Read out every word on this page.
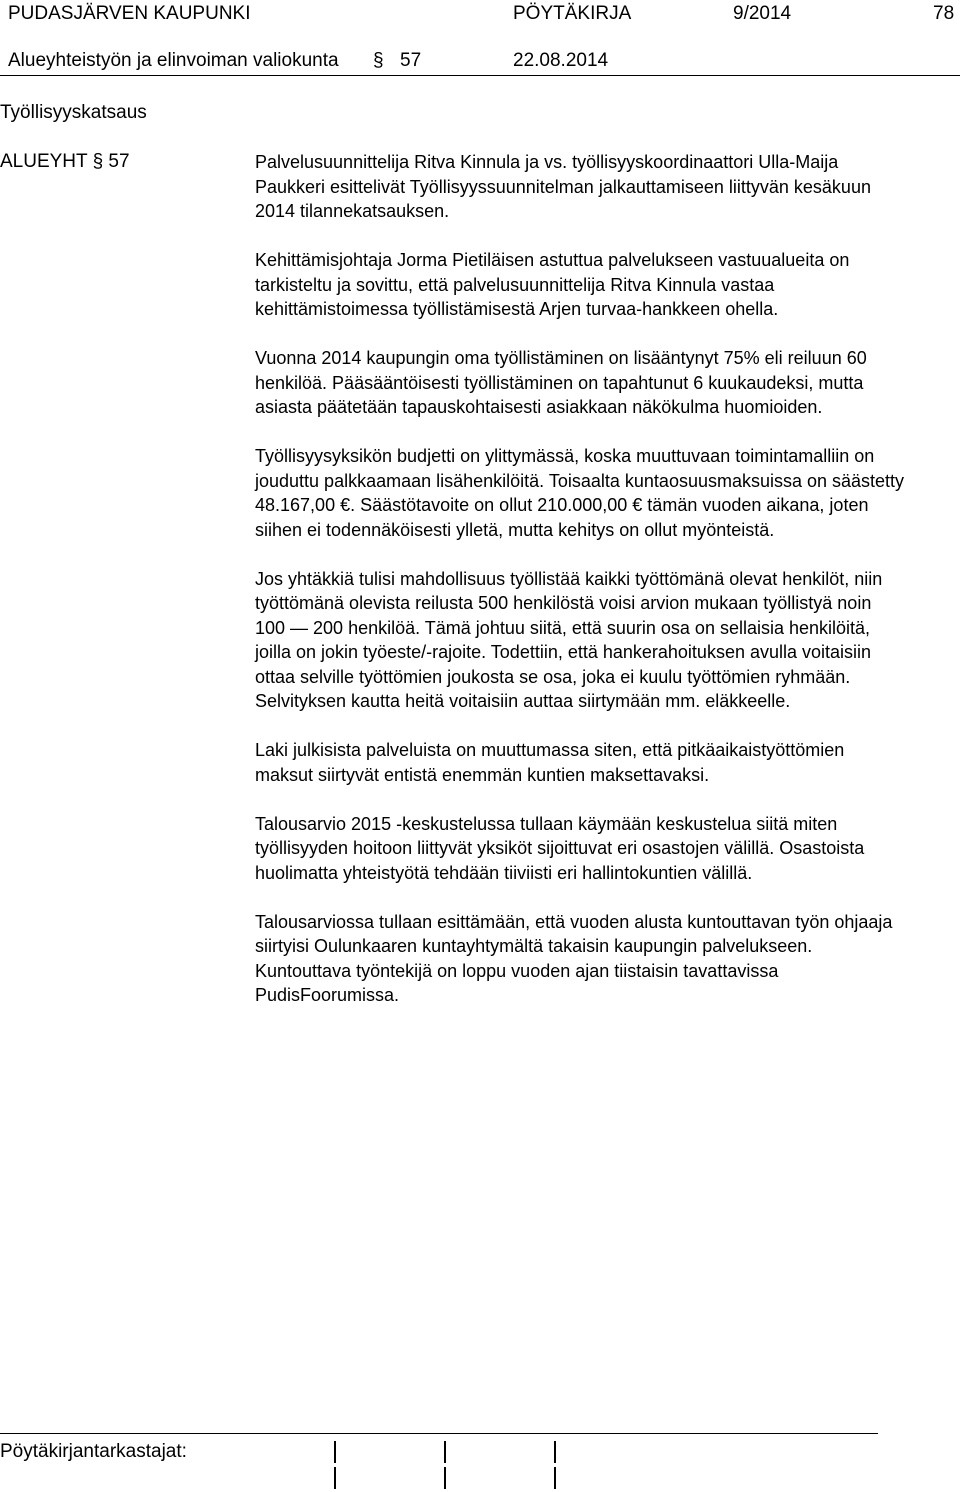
PUDASJÄRVEN KAUPUNKI	PÖYTÄKIRJA	9/2014	78
Alueyhteistyön ja elinvoiman valiokunta § 57	22.08.2014
Työllisyyskatsaus
ALUEYHT § 57	Palvelusuunnittelija Ritva Kinnula ja vs. työllisyyskoordinaattori Ulla-Maija Paukkeri esittelivät Työllisyyssuunnitelman jalkauttamiseen liittyvän kesäkuun 2014 tilannekatsauksen.

Kehittämisjohtaja Jorma Pietiläisen astuttua palvelukseen vastuualueita on tarkisteltu ja sovittu, että palvelusuunnittelija Ritva Kinnula vastaa kehittämistoimessa työllistämisestä Arjen turvaa-hankkeen ohella.

Vuonna 2014 kaupungin oma työllistäminen on lisääntynyt 75% eli reiluun 60 henkilöä. Pääsääntöisesti työllistäminen on tapahtunut 6 kuukaudeksi, mutta asiasta päätetään tapauskohtaisesti asiakkaan näkökulma huomioiden.

Työllisyysyksikön budjetti on ylittymässä, koska muuttuvaan toimintamalliin on jouduttu palkkaamaan lisähenkilöitä. Toisaalta kuntaosuusmaksuissa on säästetty 48.167,00 €. Säästötavoite on ollut 210.000,00 € tämän vuoden aikana, joten siihen ei todennäköisesti ylletä, mutta kehitys on ollut myönteistä.

Jos yhtäkkiä tulisi mahdollisuus työllistää kaikki työttömänä olevat henkilöt, niin työttömänä olevista reilusta 500 henkilöstä voisi arvion mukaan työllistyä noin 100 — 200 henkilöä. Tämä johtuu siitä, että suurin osa on sellaisia henkilöitä, joilla on jokin työeste/-rajoite. Todettiin, että hankerahoituksen avulla voitaisiin ottaa selville työttömien joukosta se osa, joka ei kuulu työttömien ryhmään. Selvityksen kautta heitä voitaisiin auttaa siirtymään mm. eläkkeelle.

Laki julkisista palveluista on muuttumassa siten, että pitkäaikaistyöttömien maksut siirtyvät entistä enemmän kuntien maksettavaksi.

Talousarvio 2015 -keskustelussa tullaan käymään keskustelua siitä miten työllisyyden hoitoon liittyvät yksiköt sijoittuvat eri osastojen välillä. Osastoista huolimatta yhteistyötä tehdään tiiviisti eri hallintokuntien välillä.

Talousarviossa tullaan esittämään, että vuoden alusta kuntouttavan työn ohjaaja siirtyisi Oulunkaaren kuntayhtymältä takaisin kaupungin palvelukseen. Kuntouttava työntekijä on loppu vuoden ajan tiistaisin tavattavissa PudisFoorumissa.

Pöytäkirjantarkastajat:
